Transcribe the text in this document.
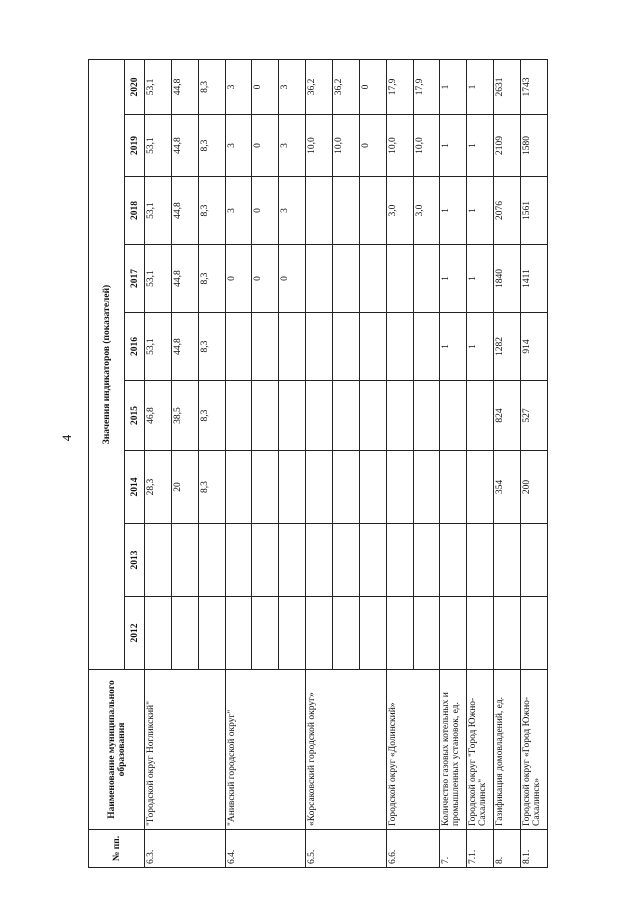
4
№ пп.	Наименование муниципального образования	Значения индикаторов (показателей)								
		2012	2013	2014	2015	2016	2017	2018	2019	2020
6.3.	"Городской округ Ногликский"			28,3	46,8	53,1	53,1	53,1	53,1	53,1
				20	38,5	44,8	44,8	44,8	44,8	44,8
				8,3	8,3	8,3	8,3	8,3	8,3	8,3
6.4.	"Анивский городской округ"						0	3	3	3
							0	0	0	0
							0	3	3	3
6.5.	«Корсаковский городской округ»								10,0	36,2
									10,0	36,2
									0	0
6.6.	Городской округ «Долинский»							3,0	10,0	17,9
								3,0	10,0	17,9
7.	Количество газовых котельных и промышленных установок, ед.					1	1	1	1	1
7.1.	Городской округ "Город Южно-Сахалинск"					1	1	1	1	1
8.	Газификация домовладений, ед.			354	824	1282	1840	2076	2109	2631
8.1.	Городской округ «Город Южно-Сахалинск»			200	527	914	1411	1561	1580	1743
